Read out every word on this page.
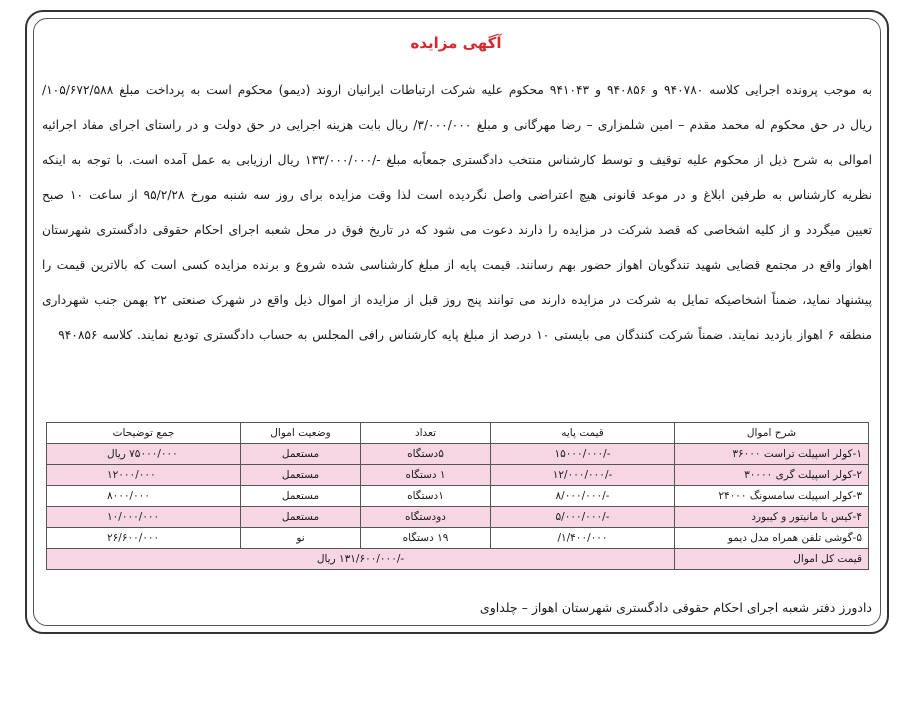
آگهی مزایده
به موجب پرونده اجرایی کلاسه ۹۴۰۷۸۰ و ۹۴۰۸۵۶ و ۹۴۱۰۴۳ محکوم علیه شرکت ارتباطات ایرانیان اروند (دیمو) محکوم است به پرداخت مبلغ ۱۰۵/۶۷۲/۵۸۸/ ریال در حق محکوم له محمد مقدم – امین شلمزاری – رضا مهرگانی و مبلغ ۳/۰۰۰/۰۰۰/ ریال بابت هزینه اجرایی در حق دولت و در راستای اجرای مفاد اجرائیه اموالی به شرح ذیل از محکوم علیه توقیف و توسط کارشناس منتخب دادگستری جمعاًبه مبلغ -/۱۳۳/۰۰۰/۰۰۰ ریال ارزیابی به عمل آمده است. با توجه به اینکه نظریه کارشناس به طرفین ابلاغ و در موعد قانونی هیچ اعتراضی واصل نگردیده است لذا وقت مزایده برای روز سه شنبه مورخ ۹۵/۲/۲۸ از ساعت ۱۰ صبح تعیین میگردد و از کلیه اشخاصی که قصد شرکت در مزایده را دارند دعوت می شود که در تاریخ فوق در محل شعبه اجرای احکام حقوقی دادگستری شهرستان اهواز واقع در مجتمع قضایی شهید تندگویان اهواز حضور بهم رسانند. قیمت پایه از مبلغ کارشناسی شده شروع و برنده مزایده کسی است که بالاترین قیمت را پیشنهاد نماید، ضمناً اشخاصیکه تمایل به شرکت در مزایده دارند می توانند پنج روز قبل از مزایده از اموال ذیل واقع در شهرک صنعتی ۲۲ بهمن جنب شهرداری منطقه ۶ اهواز بازدید نمایند. ضمناً شرکت کنندگان می بایستی ۱۰ درصد از مبلغ پایه کارشناس رافی المجلس به حساب دادگستری تودیع نمایند. کلاسه ۹۴۰۸۵۶
شرح اموال	قیمت پایه	تعداد	وضعیت اموال	جمع توضیحات
۱-کولر اسپیلت تراست ۳۶۰۰۰	-/۱۵۰۰۰/۰۰۰	۵دستگاه	مستعمل	۷۵۰۰۰/۰۰۰ ریال
۲-کولر اسپیلت گری ۳۰۰۰۰	-/۱۲/۰۰۰/۰۰۰	۱ دستگاه	مستعمل	۱۲۰۰۰/۰۰۰
۳-کولر اسپیلت سامسونگ ۲۴۰۰۰	-/۸/۰۰۰/۰۰۰	۱دستگاه	مستعمل	۸۰۰۰/۰۰۰
۴-کیس با مانیتور و کیبورد	-/۵/۰۰۰/۰۰۰	دودستگاه	مستعمل	۱۰/۰۰۰/۰۰۰
۵-گوشی تلفن همراه مدل دیمو	۱/۴۰۰/۰۰۰/	۱۹ دستگاه	نو	۲۶/۶۰۰/۰۰۰
قیمت کل اموال	-/۱۳۱/۶۰۰/۰۰۰ ریال			
دادورز دفتر شعبه اجرای احکام حقوقی دادگستری شهرستان اهواز – چلداوی
